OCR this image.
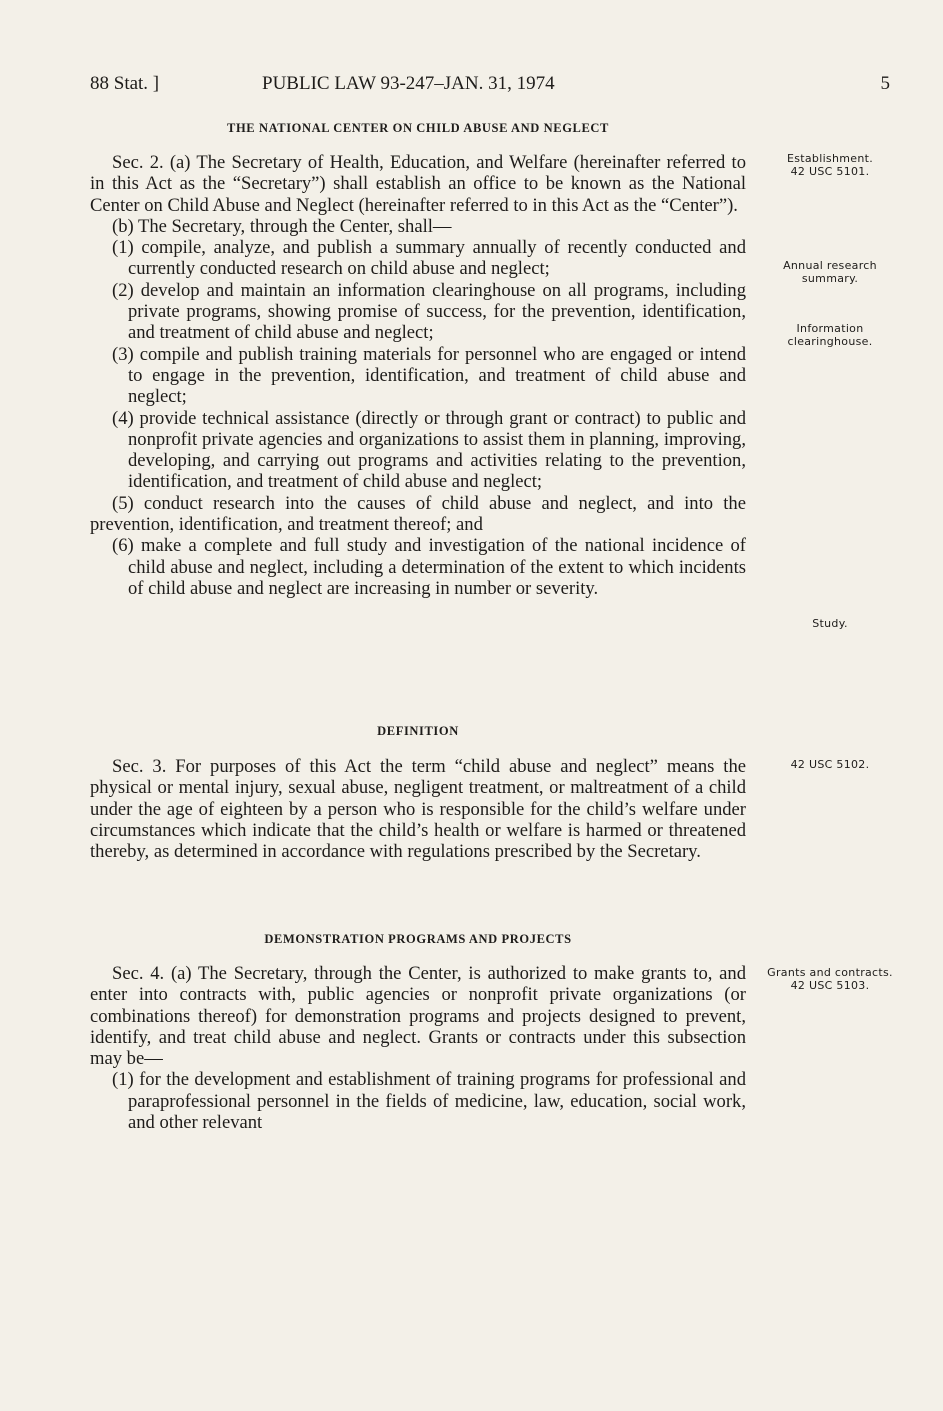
88 Stat. ]	PUBLIC LAW 93-247–JAN. 31, 1974	5
THE NATIONAL CENTER ON CHILD ABUSE AND NEGLECT

Sec. 2. (a) The Secretary of Health, Education, and Welfare (hereinafter referred to in this Act as the “Secretary”) shall establish an office to be known as the National Center on Child Abuse and Neglect (hereinafter referred to in this Act as the “Center”).

(b) The Secretary, through the Center, shall—

(1) compile, analyze, and publish a summary annually of recently conducted and currently conducted research on child abuse and neglect;

(2) develop and maintain an information clearinghouse on all programs, including private programs, showing promise of success, for the prevention, identification, and treatment of child abuse and neglect;

(3) compile and publish training materials for personnel who are engaged or intend to engage in the prevention, identification, and treatment of child abuse and neglect;

(4) provide technical assistance (directly or through grant or contract) to public and nonprofit private agencies and organizations to assist them in planning, improving, developing, and carrying out programs and activities relating to the prevention, identification, and treatment of child abuse and neglect;

(5) conduct research into the causes of child abuse and neglect, and into the prevention, identification, and treatment thereof; and

(6) make a complete and full study and investigation of the national incidence of child abuse and neglect, including a determination of the extent to which incidents of child abuse and neglect are increasing in number or severity.

DEFINITION

Sec. 3. For purposes of this Act the term “child abuse and neglect” means the physical or mental injury, sexual abuse, negligent treatment, or maltreatment of a child under the age of eighteen by a person who is responsible for the child’s welfare under circumstances which indicate that the child’s health or welfare is harmed or threatened thereby, as determined in accordance with regulations prescribed by the Secretary.

DEMONSTRATION PROGRAMS AND PROJECTS

Sec. 4. (a) The Secretary, through the Center, is authorized to make grants to, and enter into contracts with, public agencies or nonprofit private organizations (or combinations thereof) for demonstration programs and projects designed to prevent, identify, and treat child abuse and neglect. Grants or contracts under this subsection may be—

(1) for the development and establishment of training programs for professional and paraprofessional personnel in the fields of medicine, law, education, social work, and other relevant

Establishment.
42 USC 5101.
Annual research summary.
Information clearinghouse.
Study.
42 USC 5102.
Grants and contracts.
42 USC 5103.
